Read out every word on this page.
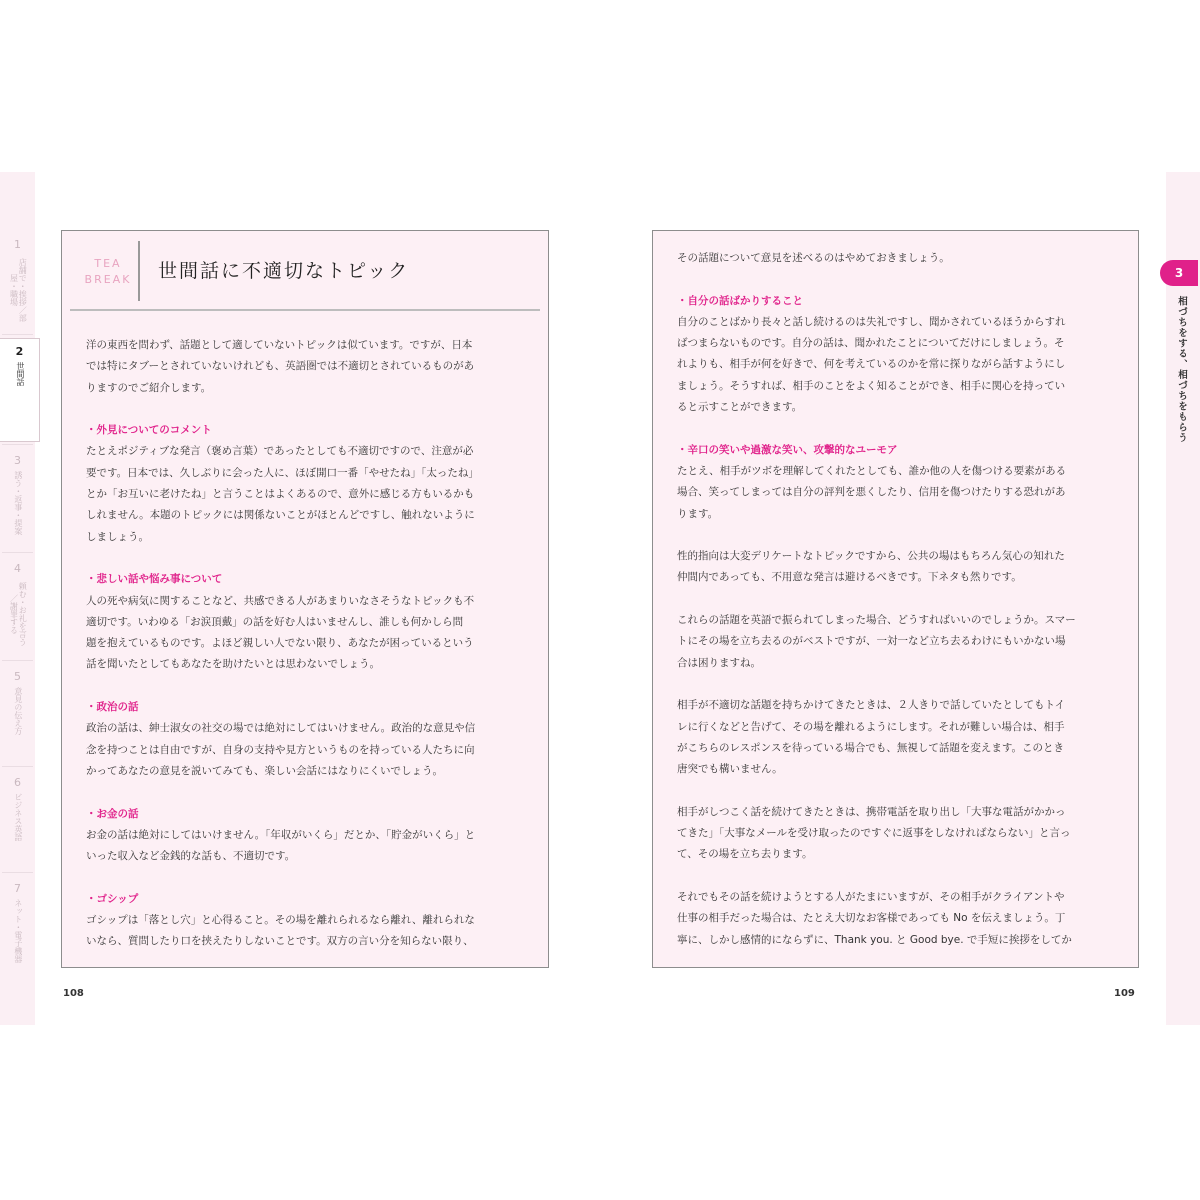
1
店舗で・挨拶／部屋・職場
2
世間話
3
誘う・返事・提案
4
頼む・お礼を言う／謝罪する
5
意見の伝え方
6
ビジネス英語
7
ネット・電子機器
TEA
BREAK	世間話に不適切なトピック

洋の東西を問わず、話題として適していないトピックは似ています。ですが、日本

では特にタブーとされていないけれども、英語圏では不適切とされているものがあ

りますのでご紹介します。

・外見についてのコメント

たとえポジティブな発言（褒め言葉）であったとしても不適切ですので、注意が必

要です。日本では、久しぶりに会った人に、ほぼ開口一番「やせたね」「太ったね」

とか「お互いに老けたね」と言うことはよくあるので、意外に感じる方もいるかも

しれません。本題のトピックには関係ないことがほとんどですし、触れないように

しましょう。

・悲しい話や悩み事について

人の死や病気に関することなど、共感できる人があまりいなさそうなトピックも不

適切です。いわゆる「お涙頂戴」の話を好む人はいませんし、誰しも何かしら問

題を抱えているものです。よほど親しい人でない限り、あなたが困っているという

話を聞いたとしてもあなたを助けたいとは思わないでしょう。

・政治の話

政治の話は、紳士淑女の社交の場では絶対にしてはいけません。政治的な意見や信

念を持つことは自由ですが、自身の支持や見方というものを持っている人たちに向

かってあなたの意見を説いてみても、楽しい会話にはなりにくいでしょう。

・お金の話

お金の話は絶対にしてはいけません。「年収がいくら」だとか、「貯金がいくら」と

いった収入など金銭的な話も、不適切です。

・ゴシップ

ゴシップは「落とし穴」と心得ること。その場を離れられるなら離れ、離れられな

いなら、質問したり口を挟えたりしないことです。双方の言い分を知らない限り、

108

その話題について意見を述べるのはやめておきましょう。

・自分の話ばかりすること

自分のことばかり長々と話し続けるのは失礼ですし、聞かされているほうからすれ

ばつまらないものです。自分の話は、聞かれたことについてだけにしましょう。そ

れよりも、相手が何を好きで、何を考えているのかを常に探りながら話すようにし

ましょう。そうすれば、相手のことをよく知ることができ、相手に関心を持ってい

ると示すことができます。

・辛口の笑いや過激な笑い、攻撃的なユーモア

たとえ、相手がツボを理解してくれたとしても、誰か他の人を傷つける要素がある

場合、笑ってしまっては自分の評判を悪くしたり、信用を傷つけたりする恐れがあ

ります。

性的指向は大変デリケートなトピックですから、公共の場はもちろん気心の知れた

仲間内であっても、不用意な発言は避けるべきです。下ネタも然りです。

これらの話題を英語で振られてしまった場合、どうすればいいのでしょうか。スマー

トにその場を立ち去るのがベストですが、一対一など立ち去るわけにもいかない場

合は困りますね。

相手が不適切な話題を持ちかけてきたときは、２人きりで話していたとしてもトイ

レに行くなどと告げて、その場を離れるようにします。それが難しい場合は、相手

がこちらのレスポンスを待っている場合でも、無視して話題を変えます。このとき

唐突でも構いません。

相手がしつこく話を続けてきたときは、携帯電話を取り出し「大事な電話がかかっ

てきた」「大事なメールを受け取ったのですぐに返事をしなければならない」と言っ

て、その場を立ち去ります。

それでもその話を続けようとする人がたまにいますが、その相手がクライアントや

仕事の相手だった場合は、たとえ大切なお客様であっても No を伝えましょう。丁

寧に、しかし感情的にならずに、Thank you. と Good bye. で手短に挨拶をしてか

109
3
相づちをする、相づちをもらう
